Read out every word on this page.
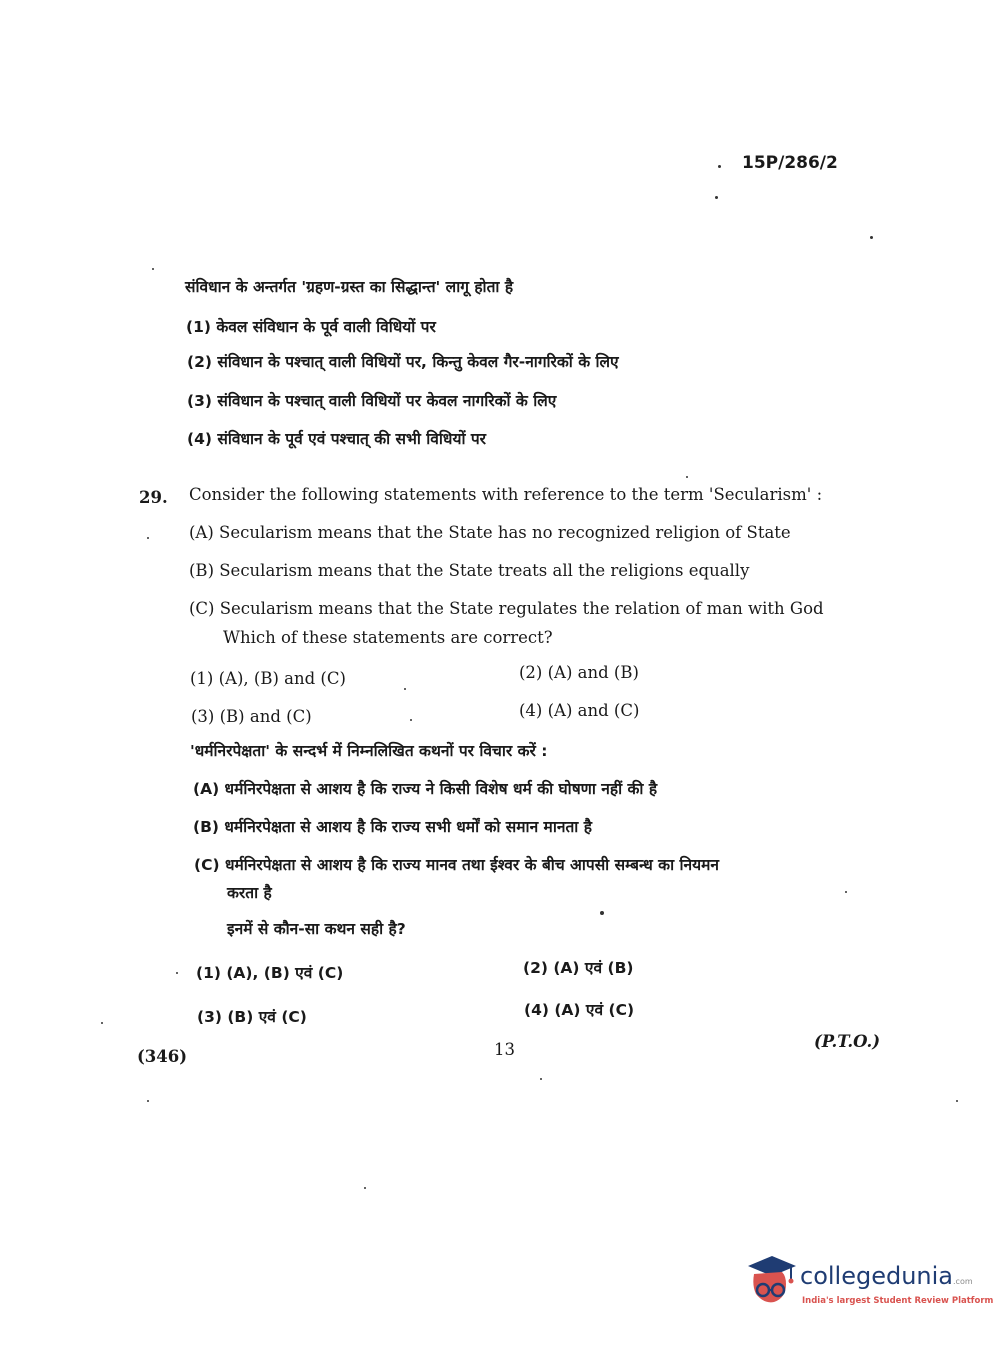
15P/286/2
संविधान के अन्तर्गत 'ग्रहण-ग्रस्त का सिद्धान्त' लागू होता है
(1) केवल संविधान के पूर्व वाली विधियों पर
(2) संविधान के पश्चात् वाली विधियों पर, किन्तु केवल गैर-नागरिकों के लिए
(3) संविधान के पश्चात् वाली विधियों पर केवल नागरिकों के लिए
(4) संविधान के पूर्व एवं पश्चात् की सभी विधियों पर
29. Consider the following statements with reference to the term 'Secularism' :
(A) Secularism means that the State has no recognized religion of State
(B) Secularism means that the State treats all the religions equally
(C) Secularism means that the State regulates the relation of man with God
Which of these statements are correct?
(1) (A), (B) and (C)	(2) (A) and (B)
(3) (B) and (C)	(4) (A) and (C)
'धर्मनिरपेक्षता' के सन्दर्भ में निम्नलिखित कथनों पर विचार करें :
(A) धर्मनिरपेक्षता से आशय है कि राज्य ने किसी विशेष धर्म की घोषणा नहीं की है
(B) धर्मनिरपेक्षता से आशय है कि राज्य सभी धर्मों को समान मानता है
(C) धर्मनिरपेक्षता से आशय है कि राज्य मानव तथा ईश्वर के बीच आपसी सम्बन्ध का नियमन
करता है
इनमें से कौन-सा कथन सही है?
(1) (A), (B) एवं (C)	(2) (A) एवं (B)
(3) (B) एवं (C)	(4) (A) एवं (C)
(346)	13	(P.T.O.)
collegedunia.com
India's largest Student Review Platform
